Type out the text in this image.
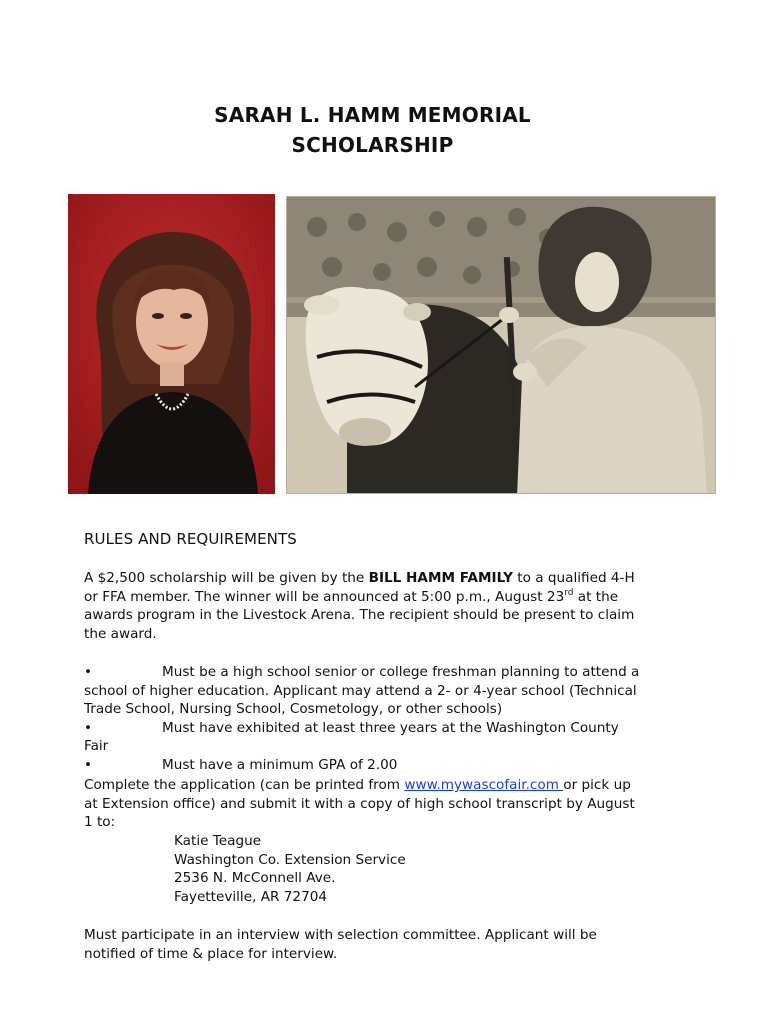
SARAH L. HAMM MEMORIAL
SCHOLARSHIP
RULES AND REQUIREMENTS
A $2,500 scholarship will be given by the BILL HAMM FAMILY to a qualified 4-H or FFA member. The winner will be announced at 5:00 p.m., August 23rd at the awards program in the Livestock Arena. The recipient should be present to claim the award.
•	Must be a high school senior or college freshman planning to attend a school of higher education. Applicant may attend a 2- or 4-year school (Technical Trade School, Nursing School, Cosmetology, or other schools)
•	Must have exhibited at least three years at the Washington County Fair
•	Must have a minimum GPA of 2.00
Complete the application (can be printed from www.mywascofair.com or pick up at Extension office) and submit it with a copy of high school transcript by August 1 to:
Katie Teague
Washington Co. Extension Service
2536 N. McConnell Ave.
Fayetteville, AR 72704
Must participate in an interview with selection committee. Applicant will be notified of time & place for interview.
